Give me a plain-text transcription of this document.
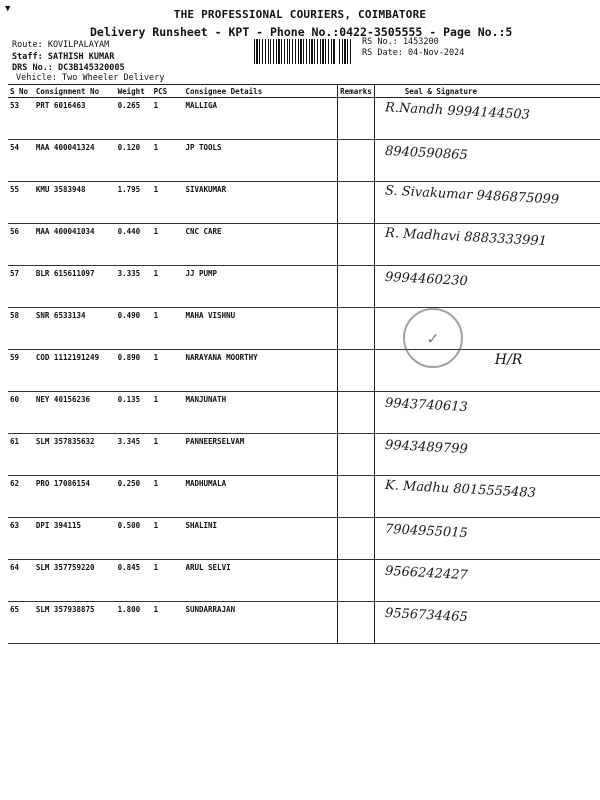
▼	THE PROFESSIONAL COURIERS, COIMBATORE
Delivery Runsheet - KPT - Phone No.:0422-3505555 - Page No.:5
Route: KOVILPALAYAM
Staff: SATHISH KUMAR
DRS No.: DC3B145320005
Vehicle: Two Wheeler Delivery
RS No.: 1453200
RS Date: 04-Nov-2024
S No	Consignment No	Weight	PCS	Consignee Details	Remarks	Seal & Signature
53	PRT 6016463	0.265	1	MALLIGA		R.Nandh 9994144503

54	MAA 400041324	0.120	1	JP TOOLS		8940590865

55	KMU 3583948	1.795	1	SIVAKUMAR		S. Sivakumar 9486875099

56	MAA 400041034	0.440	1	CNC CARE		R. Madhavi 8883333991

57	BLR 615611097	3.335	1	JJ PUMP		9994460230

58	SNR 6533134	0.490	1	MAHA VISHNU		✓

59	COD 1112191249	0.890	1	NARAYANA MOORTHY		H/R

60	NEY 40156236	0.135	1	MANJUNATH		9943740613

61	SLM 357835632	3.345	1	PANNEERSELVAM		9943489799

62	PRO 17086154	0.250	1	MADHUMALA		K. Madhu 8015555483

63	DPI 394115	0.500	1	SHALINI		7904955015

64	SLM 357759220	0.845	1	ARUL SELVI		9566242427

65	SLM 357938875	1.800	1	SUNDARRAJAN		9556734465
